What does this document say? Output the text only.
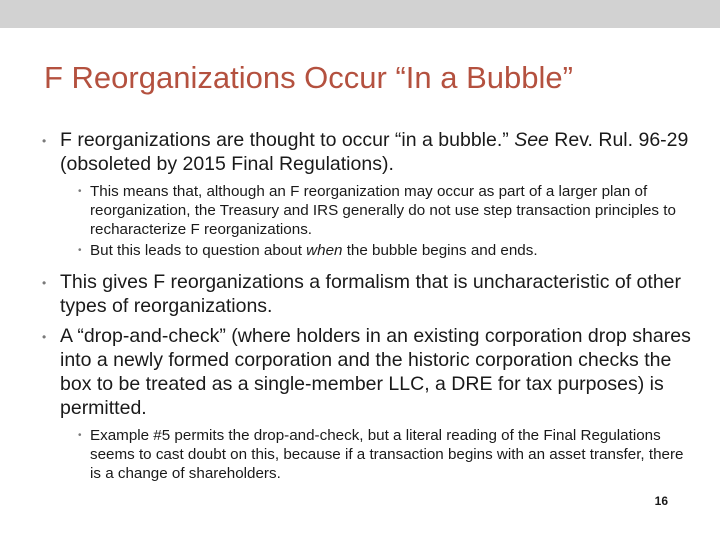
F Reorganizations Occur “In a Bubble”

• F reorganizations are thought to occur “in a bubble.” See Rev. Rul. 96-29 (obsoleted by 2015 Final Regulations).

• This means that, although an F reorganization may occur as part of a larger plan of reorganization, the Treasury and IRS generally do not use step transaction principles to recharacterize F reorganizations.

• But this leads to question about when the bubble begins and ends.

• This gives F reorganizations a formalism that is uncharacteristic of other types of reorganizations.

• A “drop-and-check” (where holders in an existing corporation drop shares into a newly formed corporation and the historic corporation checks the box to be treated as a single-member LLC, a DRE for tax purposes) is permitted.

• Example #5 permits the drop-and-check, but a literal reading of the Final Regulations seems to cast doubt on this, because if a transaction begins with an asset transfer, there is a change of shareholders.

16
